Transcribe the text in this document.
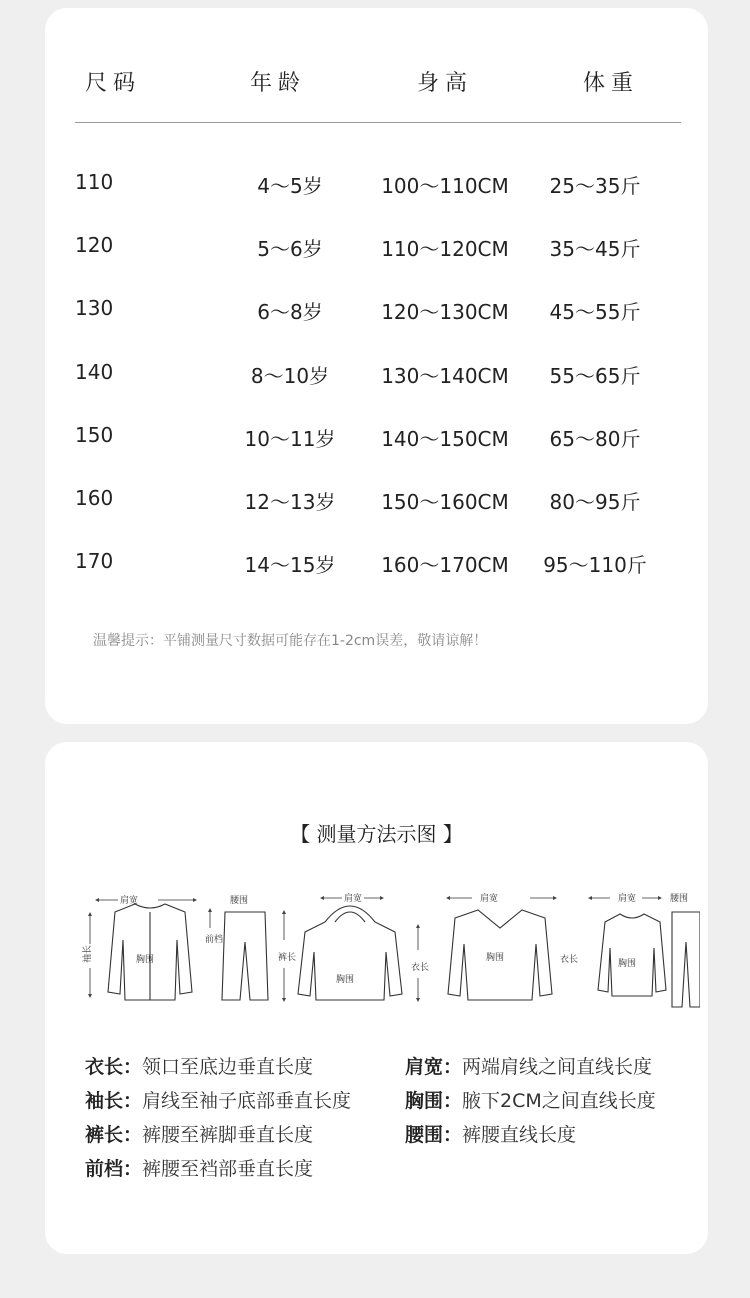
尺码	年龄	身高	体重
110	4～5岁	100～110CM	25～35斤
120	5～6岁	110～120CM	35～45斤
130	6～8岁	120～130CM	45～55斤
140	8～10岁	130～140CM	55～65斤
150	10～11岁	140～150CM	65～80斤
160	12～13岁	150～160CM	80～95斤
170	14～15岁	160～170CM	95～110斤
温馨提示：平铺测量尺寸数据可能存在1-2cm误差，敬请谅解！
【 测量方法示图 】
肩宽
胸围
袖长
腰围
前档
裤长
肩宽
胸围
衣长
肩宽
胸围	衣长
肩宽
胸围
腰围
衣长：领口至底边垂直长度	肩宽：两端肩线之间直线长度
袖长：肩线至袖子底部垂直长度	胸围：腋下2CM之间直线长度
裤长：裤腰至裤脚垂直长度	腰围：裤腰直线长度
前档：裤腰至裆部垂直长度
